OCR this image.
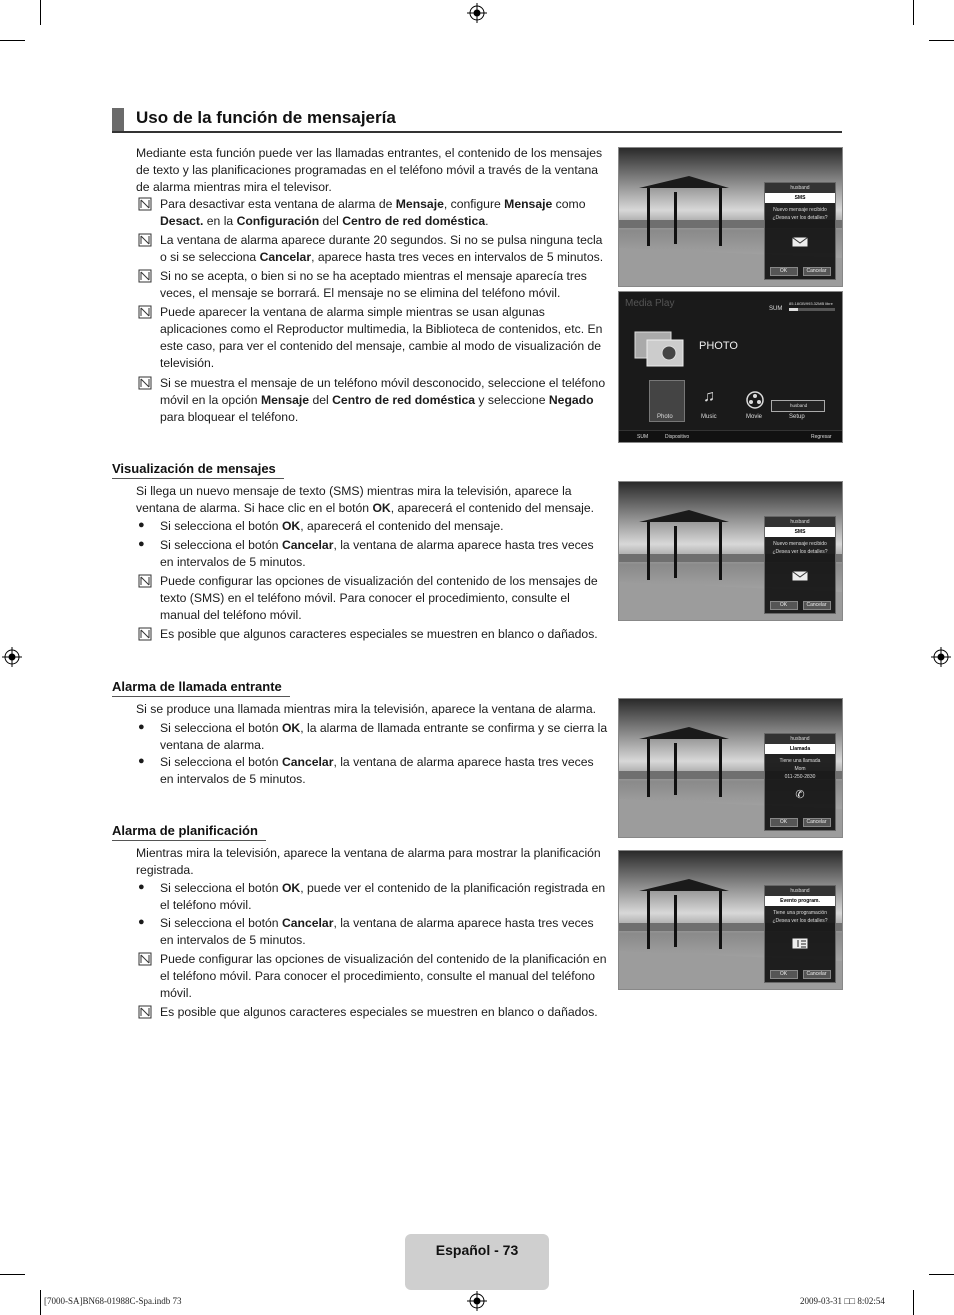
Uso de la función de mensajería
Mediante esta función puede ver las llamadas entrantes, el contenido de los mensajes de texto y las planificaciones programadas en el teléfono móvil a través de la ventana de alarma mientras mira el televisor.
Para desactivar esta ventana de alarma de Mensaje, configure Mensaje como Desact. en la Configuración del Centro de red doméstica.
La ventana de alarma aparece durante 20 segundos. Si no se pulsa ninguna tecla o si se selecciona Cancelar, aparece hasta tres veces en intervalos de 5 minutos.
Si no se acepta, o bien si no se ha aceptado mientras el mensaje aparecía tres veces, el mensaje se borrará. El mensaje no se elimina del teléfono móvil.
Puede aparecer la ventana de alarma simple mientras se usan algunas aplicaciones como el Reproductor multimedia, la Biblioteca de contenidos, etc. En este caso, para ver el contenido del mensaje, cambie al modo de visualización de televisión.
Si se muestra el mensaje de un teléfono móvil desconocido, seleccione el teléfono móvil en la opción Mensaje del Centro de red doméstica y seleccione Negado para bloquear el teléfono.
husband
SMS
Nuevo mensaje recibido
¿Desea ver los detalles?
OK	Cancelar
Media Play	SUM
85.18GB/993.32MB libre
PHOTO
Photo
♫
Music	Movie
husband
Setup
SUM	Dispositivo	Regresar
Visualización de mensajes
Si llega un nuevo mensaje de texto (SMS) mientras mira la televisión, aparece la ventana de alarma. Si hace clic en el botón OK, aparecerá el contenido del mensaje.
● Si selecciona el botón OK, aparecerá el contenido del mensaje.
● Si selecciona el botón Cancelar, la ventana de alarma aparece hasta tres veces en intervalos de 5 minutos.
Puede configurar las opciones de visualización del contenido de los mensajes de texto (SMS) en el teléfono móvil. Para conocer el procedimiento, consulte el manual del teléfono móvil.
Es posible que algunos caracteres especiales se muestren en blanco o dañados.
husband
SMS
Nuevo mensaje recibido
¿Desea ver los detalles?
OK	Cancelar
Alarma de llamada entrante
Si se produce una llamada mientras mira la televisión, aparece la ventana de alarma.
● Si selecciona el botón OK, la alarma de llamada entrante se confirma y se cierra la ventana de alarma.
● Si selecciona el botón Cancelar, la ventana de alarma aparece hasta tres veces en intervalos de 5 minutos.
husband
Llamada
Tiene una llamada
Mom
011-250-2830
✆
OK	Cancelar
Alarma de planificación
Mientras mira la televisión, aparece la ventana de alarma para mostrar la planificación registrada.
● Si selecciona el botón OK, puede ver el contenido de la planificación registrada en el teléfono móvil.
● Si selecciona el botón Cancelar, la ventana de alarma aparece hasta tres veces en intervalos de 5 minutos.
Puede configurar las opciones de visualización del contenido de la planificación en el teléfono móvil. Para conocer el procedimiento, consulte el manual del teléfono móvil.
Es posible que algunos caracteres especiales se muestren en blanco o dañados.
husband
Evento program.
Tiene una programación
¿Desea ver los detalles?
OK	Cancelar
Español - 73
[7000-SA]BN68-01988C-Spa.indb 73	2009-03-31 □□ 8:02:54
